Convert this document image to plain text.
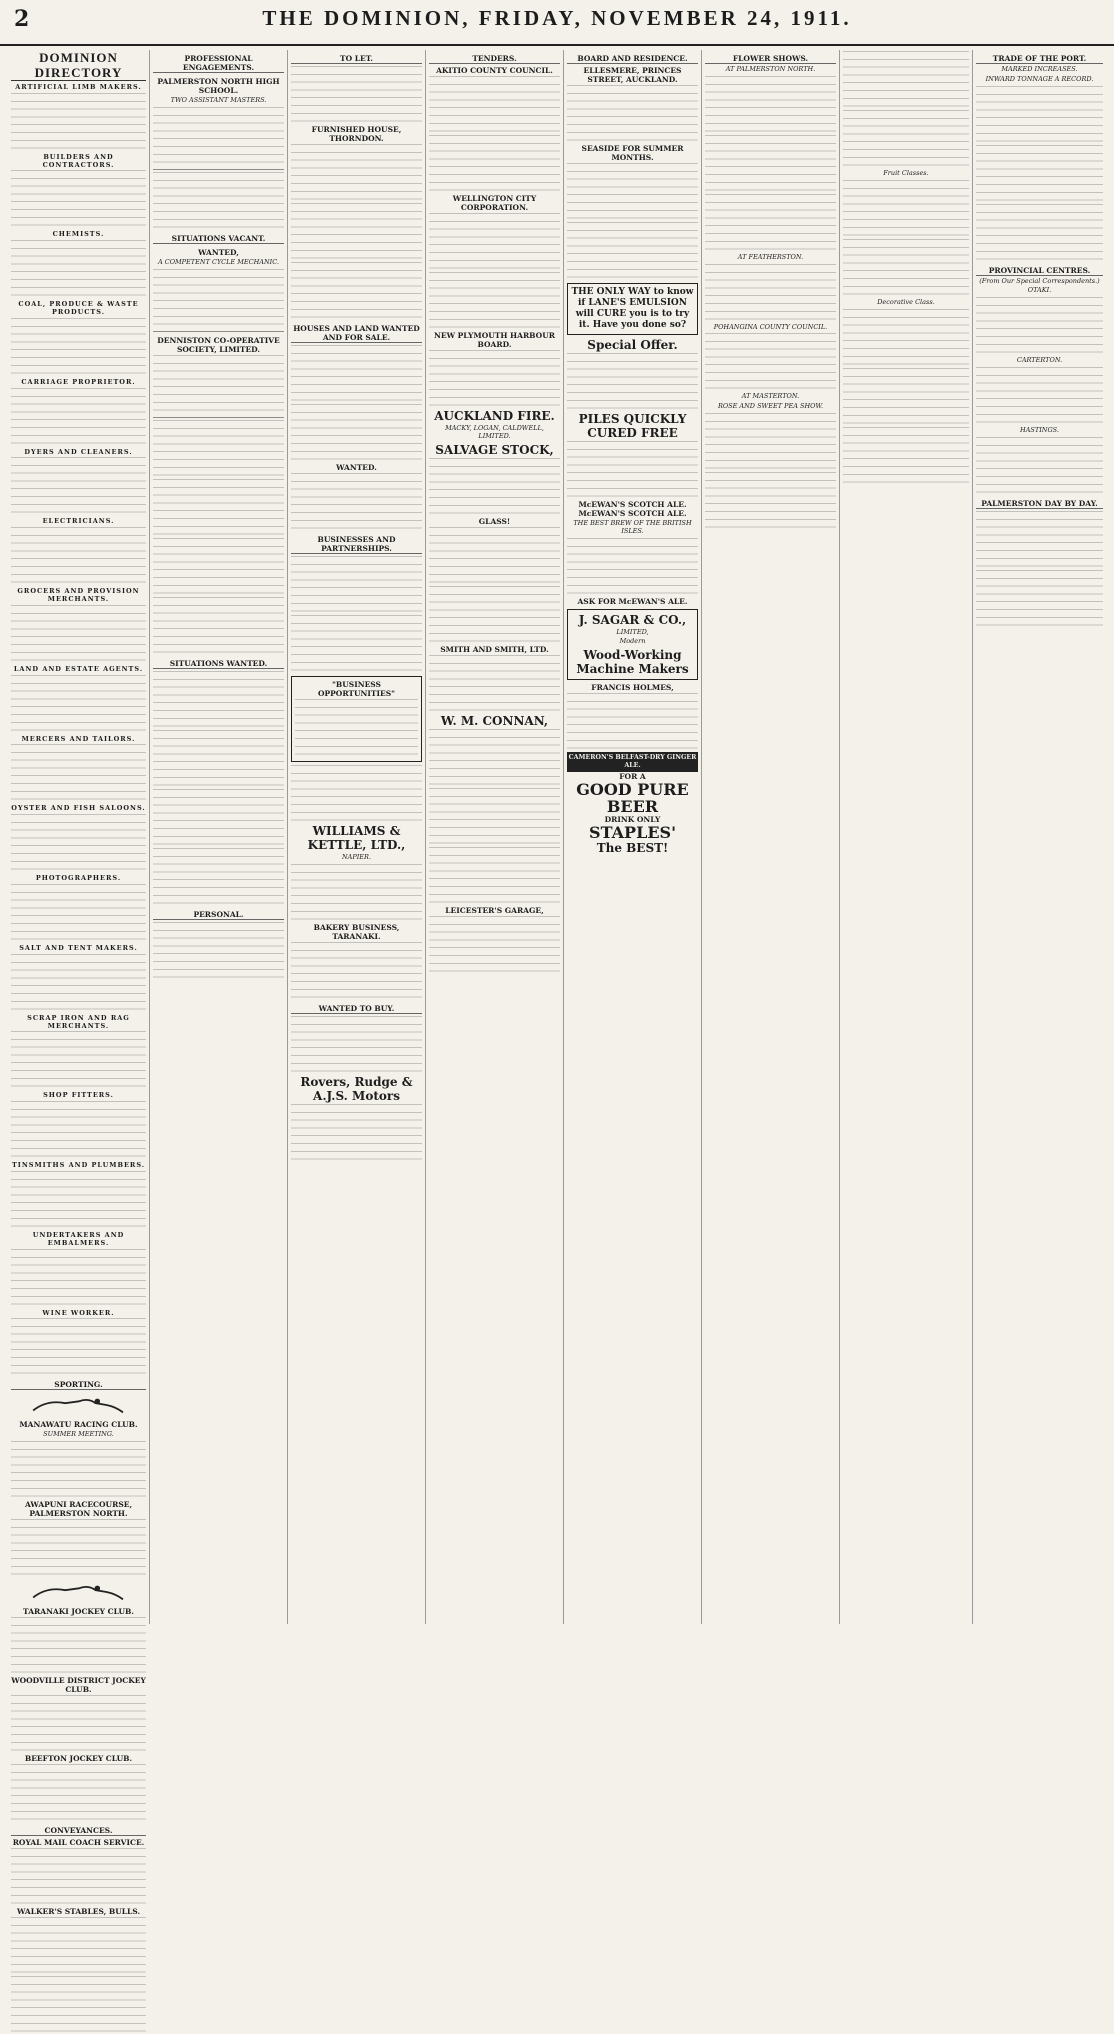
2	THE DOMINION, FRIDAY, NOVEMBER 24, 1911.
DOMINION DIRECTORY
ARTIFICIAL LIMB MAKERS.
BUILDERS AND CONTRACTORS.
CHEMISTS.
COAL, PRODUCE & WASTE PRODUCTS.
CARRIAGE PROPRIETOR.
DYERS AND CLEANERS.
ELECTRICIANS.
GROCERS AND PROVISION MERCHANTS.
LAND AND ESTATE AGENTS.
MERCERS AND TAILORS.
OYSTER AND FISH SALOONS.
PHOTOGRAPHERS.
SALT AND TENT MAKERS.
SCRAP IRON AND RAG MERCHANTS.
SHOP FITTERS.
TINSMITHS AND PLUMBERS.
UNDERTAKERS AND EMBALMERS.
WINE WORKER.
SPORTING.
MANAWATU RACING CLUB.
SUMMER MEETING.
AWAPUNI RACECOURSE, PALMERSTON NORTH.
TARANAKI JOCKEY CLUB.
WOODVILLE DISTRICT JOCKEY CLUB.
BEEFTON JOCKEY CLUB.
CONVEYANCES.
ROYAL MAIL COACH SERVICE.
WALKER'S STABLES, BULLS.
PROFESSIONAL ENGAGEMENTS.
PALMERSTON NORTH HIGH SCHOOL.
TWO ASSISTANT MASTERS.
SITUATIONS VACANT.
WANTED,
A COMPETENT CYCLE MECHANIC.
DENNISTON CO-OPERATIVE SOCIETY, LIMITED.
SITUATIONS WANTED.
PERSONAL.
TO LET.
FURNISHED HOUSE, THORNDON.
HOUSES AND LAND WANTED AND FOR SALE.
WANTED.
BUSINESSES AND PARTNERSHIPS.
"BUSINESS OPPORTUNITIES"
WILLIAMS & KETTLE, LTD.,
NAPIER.
BAKERY BUSINESS, TARANAKI.
WANTED TO BUY.
Rovers, Rudge & A.J.S. Motors
TENDERS.
AKITIO COUNTY COUNCIL.
WELLINGTON CITY CORPORATION.
NEW PLYMOUTH HARBOUR BOARD.
AUCKLAND FIRE.
MACKY, LOGAN, CALDWELL, LIMITED.
SALVAGE STOCK,
GLASS!
SMITH AND SMITH, LTD.
W. M. CONNAN,
LEICESTER'S GARAGE,
BOARD AND RESIDENCE.
ELLESMERE, PRINCES STREET, AUCKLAND.
SEASIDE FOR SUMMER MONTHS.
THE ONLY WAY to know if LANE'S EMULSION will CURE you is to try it. Have you done so?
Special Offer.
PILES QUICKLY CURED FREE
McEWAN'S SCOTCH ALE.
McEWAN'S SCOTCH ALE.
THE BEST BREW OF THE BRITISH ISLES.
ASK FOR McEWAN'S ALE.
J. SAGAR & CO.,
LIMITED,
Modern
Wood-Working Machine Makers
FRANCIS HOLMES,
CAMERON'S BELFAST-DRY GINGER ALE.
FOR A
GOOD PURE BEER
DRINK ONLY
STAPLES'
The BEST!
FLOWER SHOWS.
AT PALMERSTON NORTH.
AT FEATHERSTON.
POHANGINA COUNTY COUNCIL.
AT MASTERTON.
ROSE AND SWEET PEA SHOW.
Fruit Classes.
Decorative Class.
TRADE OF THE PORT.
MARKED INCREASES.
INWARD TONNAGE A RECORD.
PROVINCIAL CENTRES.
(From Our Special Correspondents.)
OTAKI.
CARTERTON.
HASTINGS.
PALMERSTON DAY BY DAY.
